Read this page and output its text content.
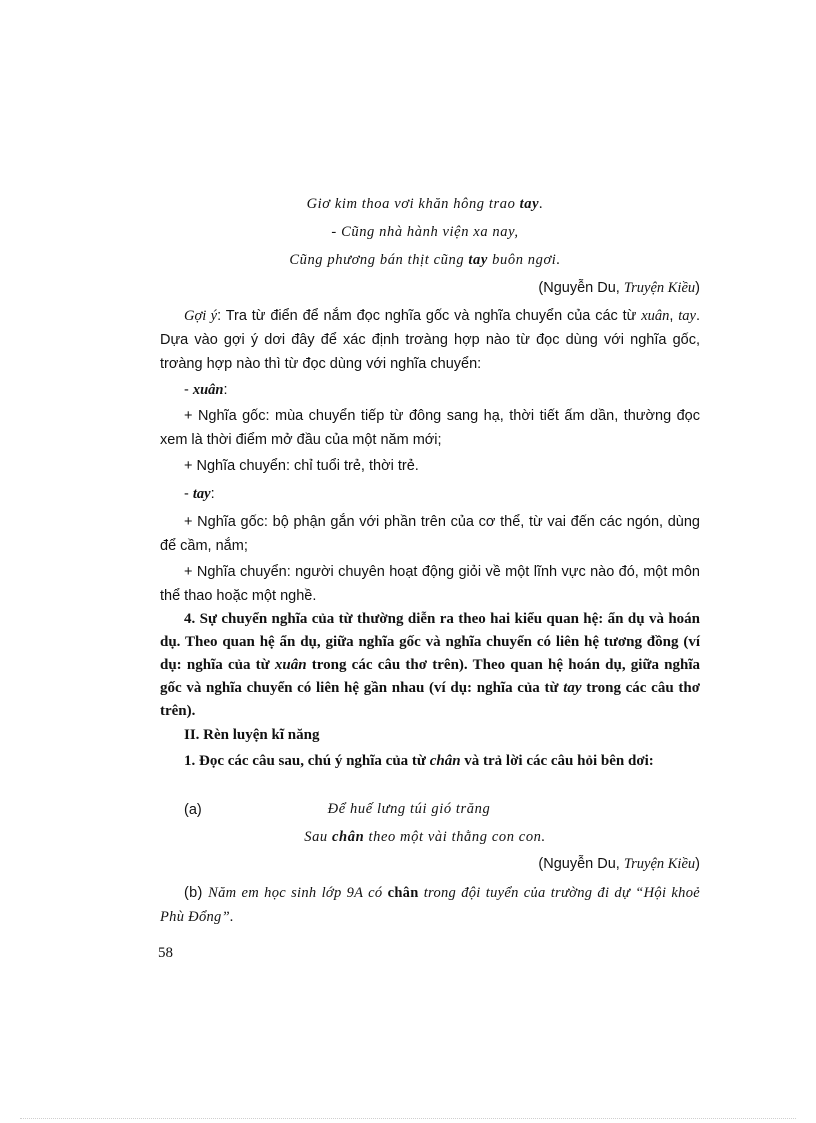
Giơ kim thoa vơi khăn hông trao tay.
- Cũng nhà hành viện xa nay,
Cũng phương bán thịt cũng tay buôn ngơi.
(Nguyễn Du, Truyện Kiều)
Gợi ý: Tra từ điển để nắm đọc nghĩa gốc và nghĩa chuyển của các từ xuân, tay. Dựa vào gợi ý dơi đây để xác định trơàng hợp nào từ đọc dùng với nghĩa gốc, trơàng hợp nào thì từ đọc dùng với nghĩa chuyển:
- xuân:
+ Nghĩa gốc: mùa chuyển tiếp từ đông sang hạ, thời tiết ấm dần, thường đọc xem là thời điểm mở đầu của một năm mới;
+ Nghĩa chuyển: chỉ tuổi trẻ, thời trẻ.
- tay:
+ Nghĩa gốc: bộ phận gắn với phần trên của cơ thể, từ vai đến các ngón, dùng để cầm, nắm;
+ Nghĩa chuyển: người chuyên hoạt động giỏi về một lĩnh vực nào đó, một môn thể thao hoặc một nghề.
4. Sự chuyển nghĩa của từ thường diễn ra theo hai kiểu quan hệ: ẩn dụ và hoán dụ. Theo quan hệ ẩn dụ, giữa nghĩa gốc và nghĩa chuyển có liên hệ tương đồng (ví dụ: nghĩa của từ xuân trong các câu thơ trên). Theo quan hệ hoán dụ, giữa nghĩa gốc và nghĩa chuyển có liên hệ gần nhau (ví dụ: nghĩa của từ tay trong các câu thơ trên).
II. Rèn luyện kĩ năng
1. Đọc các câu sau, chú ý nghĩa của từ chân và trả lời các câu hỏi bên dơi:
(a)	Để huế lưng túi gió trăng
Sau chân theo một vài thằng con con.
(Nguyễn Du, Truyện Kiều)
(b) Năm em học sinh lớp 9A có chân trong đội tuyển của trường đi dự “Hội khoẻ Phù Đổng”.
58
